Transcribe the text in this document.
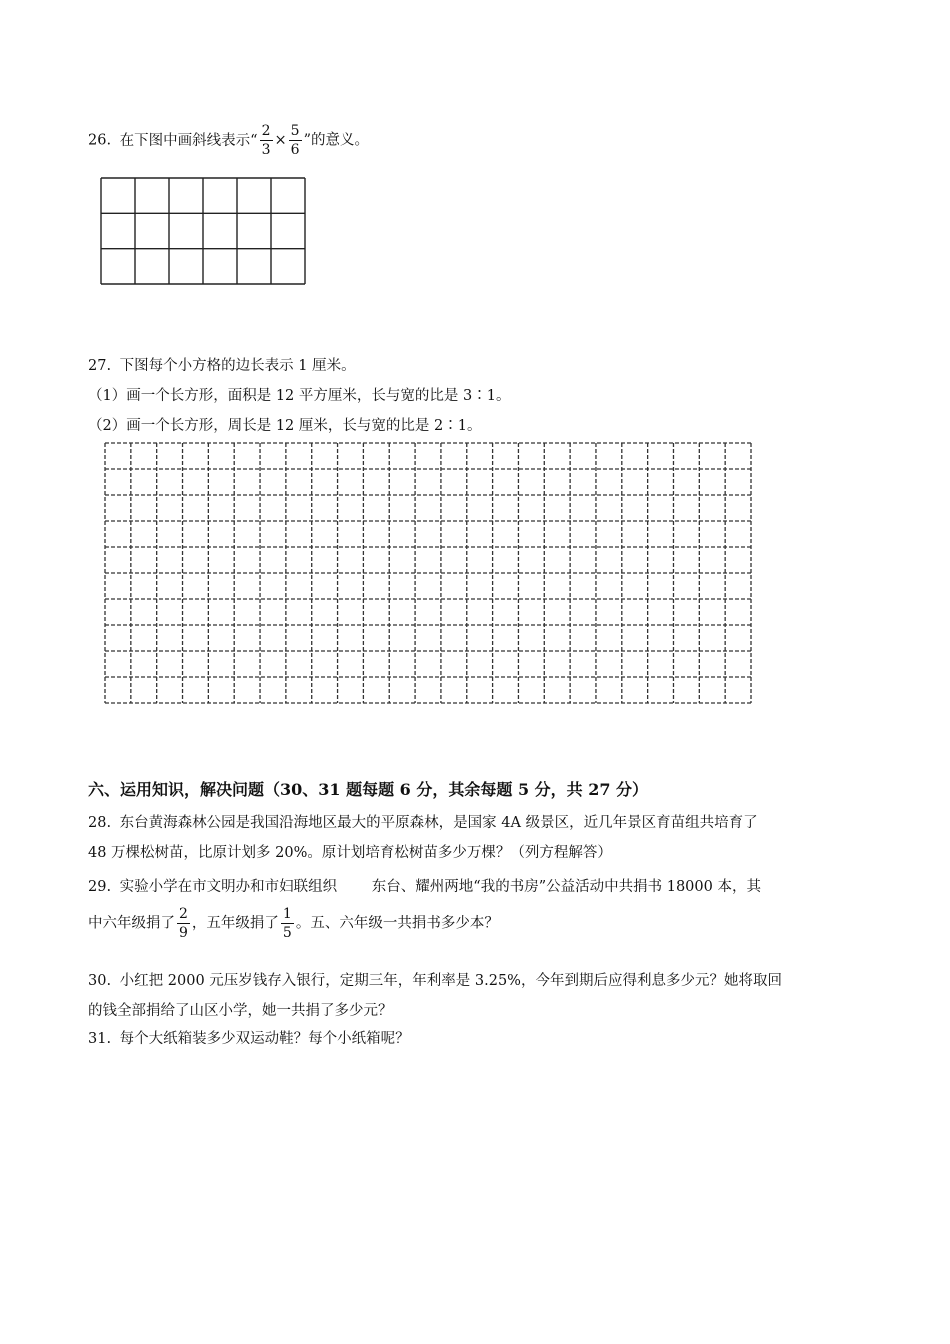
26. 在下图中画斜线表示“ $\frac{2}{3} \times \frac{5}{6}$ ”的意义。
27. 下图每个小方格的边长表示 1 厘米。
（1）画一个长方形，面积是 12 平方厘米，长与宽的比是 3∶1。
（2）画一个长方形，周长是 12 厘米，长与宽的比是 2∶1。
六、运用知识，解决问题（30、31 题每题 6 分，其余每题 5 分，共 27 分）
28. 东台黄海森林公园是我国沿海地区最大的平原森林，是国家 4A 级景区，近几年景区育苗组共培育了
48 万棵松树苗，比原计划多 20%。原计划培育松树苗多少万棵？（列方程解答）
29. 实验小学在市文明办和市妇联组织 东台、耀州两地“我的书房”公益活动中共捐书 18000 本，其
中六年级捐了 $\frac{2}{9}$ ，五年级捐了 $\frac{1}{5}$ 。五、六年级一共捐书多少本？
30. 小红把 2000 元压岁钱存入银行，定期三年，年利率是 3.25%，今年到期后应得利息多少元？她将取回
的钱全部捐给了山区小学，她一共捐了多少元？
31. 每个大纸箱装多少双运动鞋？每个小纸箱呢？
